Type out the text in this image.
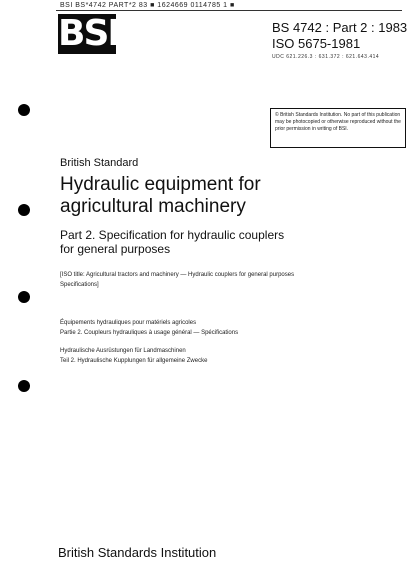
BSI BS*4742 PART*2 83 ■ 1624669 0114785 1 ■
BSI	BS 4742 : Part 2 : 1983
ISO 5675-1981
UDC 621.226.3 : 631.372 : 621.643.414
© British Standards Institution. No part of this publication may be photocopied or otherwise reproduced without the prior permission in writing of BSI.
British Standard
Hydraulic equipment for
agricultural machinery
Part 2. Specification for hydraulic couplers
for general purposes
[ISO title: Agricultural tractors and machinery — Hydraulic couplers for general purposes
Specifications]
Équipements hydrauliques pour matériels agricoles
Partie 2. Coupleurs hydrauliques à usage général — Spécifications
Hydraulische Ausrüstungen für Landmaschinen
Teil 2. Hydraulische Kupplungen für allgemeine Zwecke
British Standards Institution
